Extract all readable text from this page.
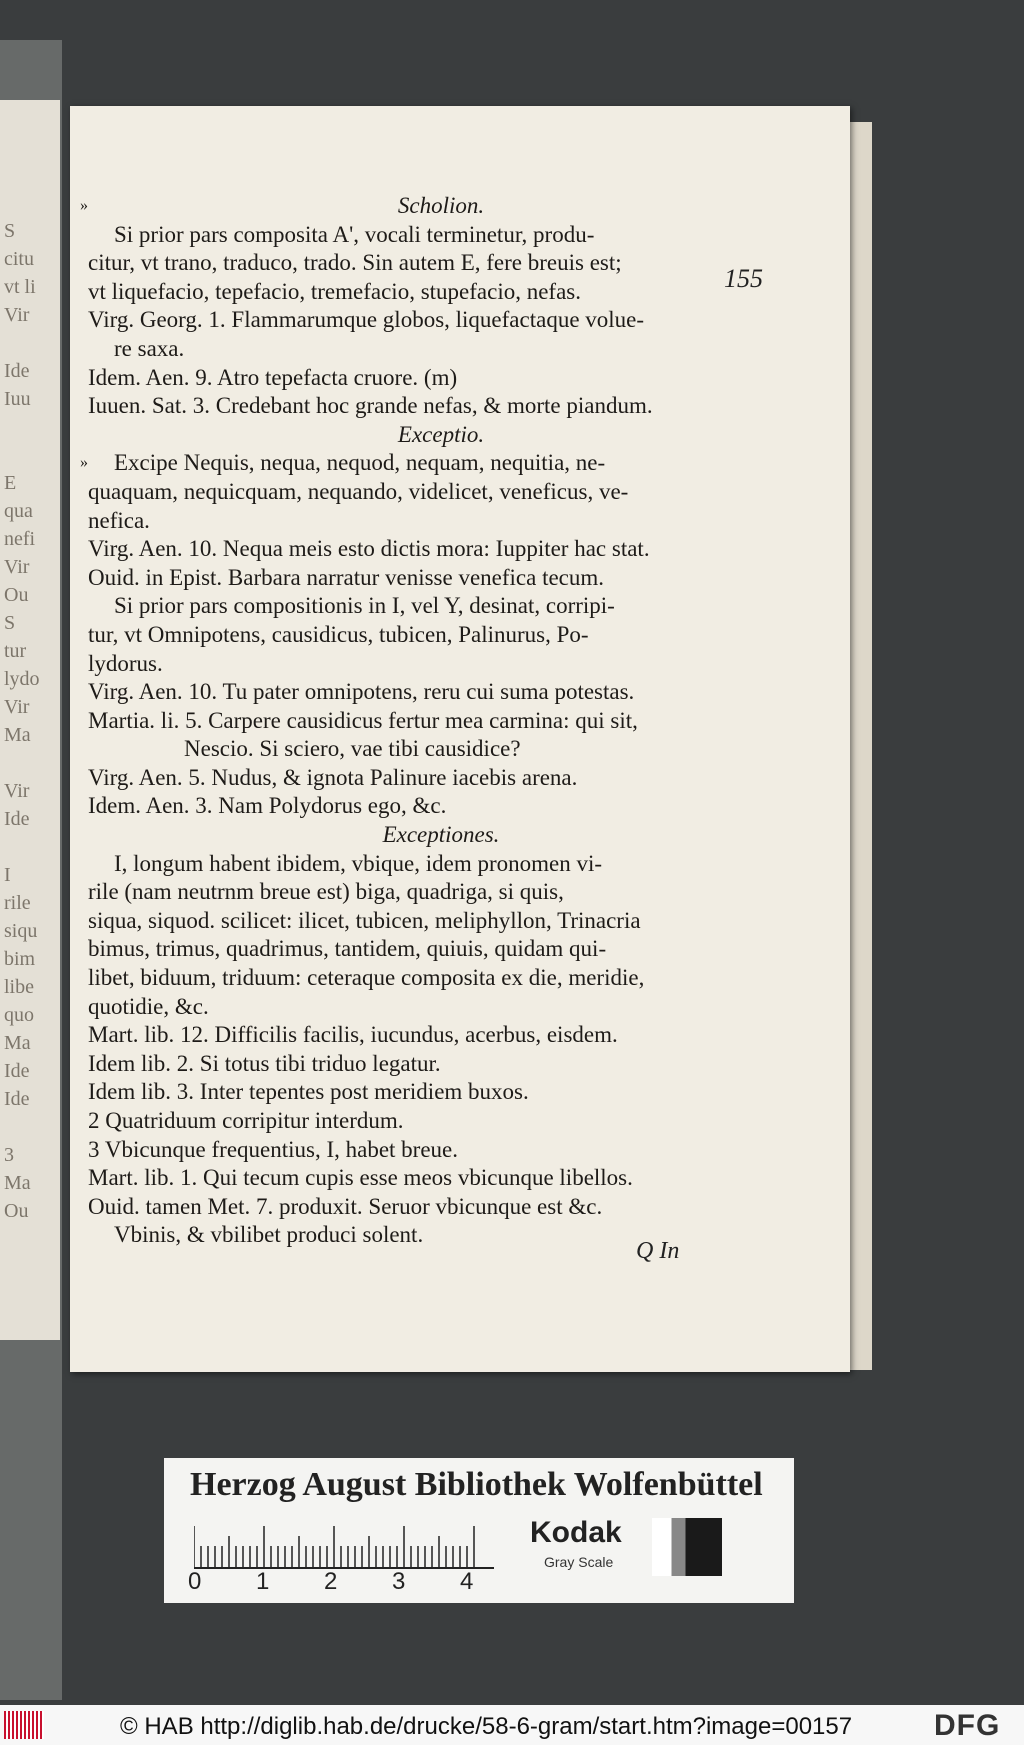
S
citu
vt li
Vir
Ide
Iuu
E
qua
nefi
Vir
Ou
S
tur
lydo
Vir
Ma
Vir
Ide
I
rile
siqu
bim
libe
quo
Ma
Ide
Ide
3
Ma
Ou
155
Scholion.
»
Si prior pars composita A', vocali terminetur, produ-
citur, vt trano, traduco, trado. Sin autem E, fere breuis est;
vt liquefacio, tepefacio, tremefacio, stupefacio, nefas.
Virg. Georg. 1. Flammarumque globos, liquefactaque volue-
re saxa.
Idem. Aen. 9. Atro tepefacta cruore. (m)
Iuuen. Sat. 3. Credebant hoc grande nefas, & morte piandum.
Exceptio.
»	Excipe Nequis, nequa, nequod, nequam, nequitia, ne-
quaquam, nequicquam, nequando, videlicet, veneficus, ve-
nefica.
Virg. Aen. 10. Nequa meis esto dictis mora: Iuppiter hac stat.
Ouid. in Epist. Barbara narratur venisse venefica tecum.
Si prior pars compositionis in I, vel Y, desinat, corripi-
tur, vt Omnipotens, causidicus, tubicen, Palinurus, Po-
lydorus.
Virg. Aen. 10. Tu pater omnipotens, reru cui suma potestas.
Martia. li. 5. Carpere causidicus fertur mea carmina: qui sit,
Nescio. Si sciero, vae tibi causidice?
Virg. Aen. 5. Nudus, & ignota Palinure iacebis arena.
Idem. Aen. 3. Nam Polydorus ego, &c.
Exceptiones.
I, longum habent ibidem, vbique, idem pronomen vi-
rile (nam neutrnm breue est) biga, quadriga, si quis,
siqua, siquod. scilicet: ilicet, tubicen, meliphyllon, Trinacria
bimus, trimus, quadrimus, tantidem, quiuis, quidam qui-
libet, biduum, triduum: ceteraque composita ex die, meridie,
quotidie, &c.
Mart. lib. 12. Difficilis facilis, iucundus, acerbus, eisdem.
Idem lib. 2. Si totus tibi triduo legatur.
Idem lib. 3. Inter tepentes post meridiem buxos.
2 Quatriduum corripitur interdum.
3 Vbicunque frequentius, I, habet breue.
Mart. lib. 1. Qui tecum cupis esse meos vbicunque libellos.
Ouid. tamen Met. 7. produxit. Seruor vbicunque est &c.
Vbinis, & vbilibet produci solent.
Q In
Herzog August Bibliothek Wolfenbüttel
0 1 2 3 4
Kodak
Gray Scale
© HAB http://diglib.hab.de/drucke/58-6-gram/start.htm?image=00157	DFG
